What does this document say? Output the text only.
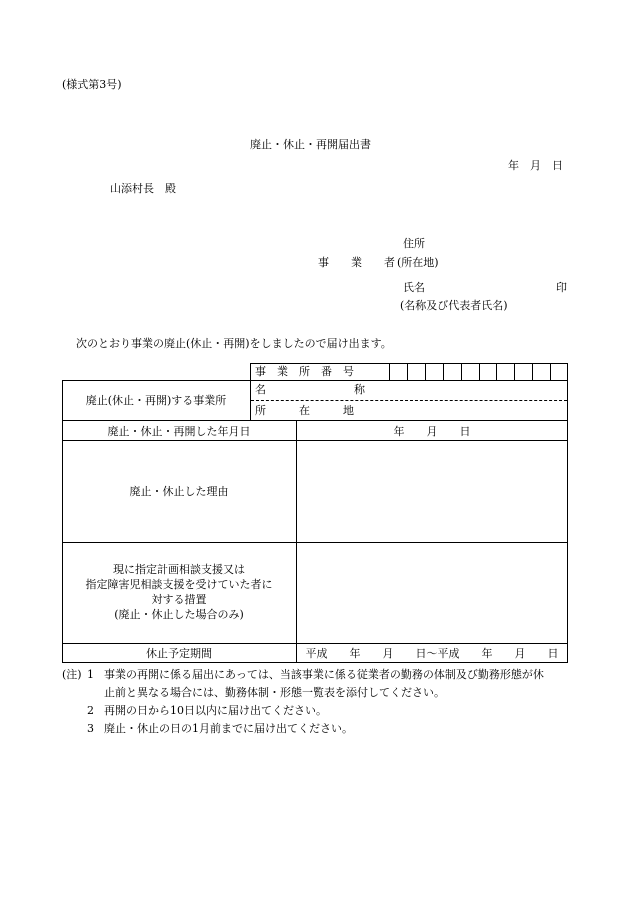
(様式第3号)
廃止・休止・再開届出書
年　月　日
山添村長　殿
住所
事　　業　　者 (所在地)
氏名	印
(名称及び代表者氏名)
次のとおり事業の廃止(休止・再開)をしましたので届け出ます。
事　業　所　番　号
廃止(休止・再開)する事業所
名　　　　　　　　称
所　　　在　　　地
廃止・休止・再開した年月日	年　　月　　日
廃止・休止した理由
現に指定計画相談支援又は
指定障害児相談支援を受けていた者に
対する措置
(廃止・休止した場合のみ)
休止予定期間	平成　　年　　月　　日～平成　　年　　月　　日
(注) 1 事業の再開に係る届出にあっては、当該事業に係る従業者の勤務の体制及び勤務形態が休
止前と異なる場合には、勤務体制・形態一覧表を添付してください。
2 再開の日から10日以内に届け出てください。
3 廃止・休止の日の1月前までに届け出てください。
